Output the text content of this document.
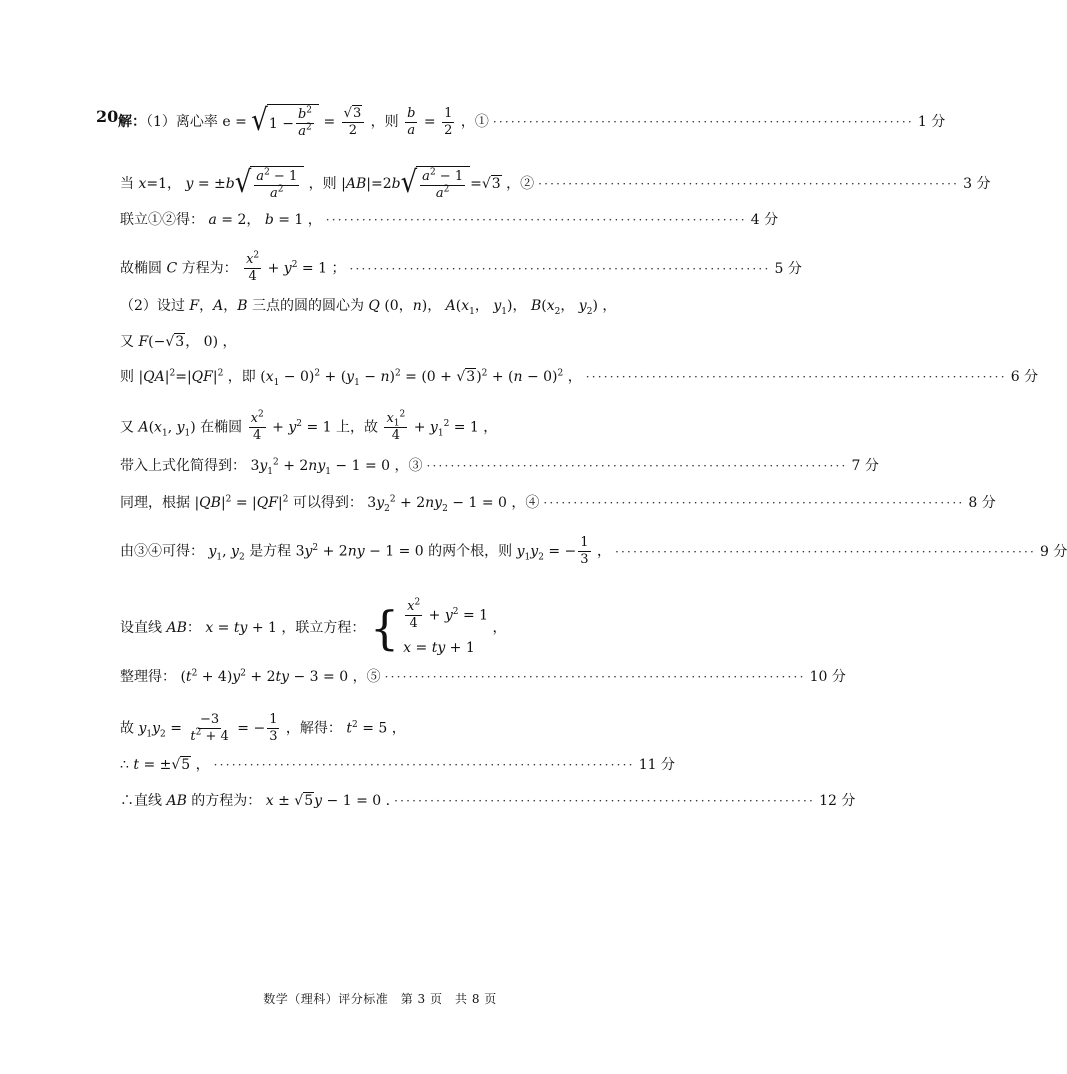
20.
解：（1）离心率 e = √ $1 - \frac{b^2}{a^2} = \frac{√3}{2}$ ，则 $\frac{b}{a} = \frac{1}{2}$ ，① ······································································ 1 分
当 x=1， y = ±b √ $\frac{a^2 - 1}{a^2}$ ，则 |AB|=2b √ $\frac{a^2 - 1}{a^2} =√3$ ，② ······································································ 3 分
联立①②得： a = 2， b = 1 ， ······································································ 4 分
故椭圆 C 方程为： $\frac{x^2}{4} + y^2 = 1$ ； ······································································ 5 分
（2）设过 F，A，B 三点的圆的圆心为 Q (0，n)， $A(x_1$， $y_1$)， $B(x_2$， $y_2$) ，
又 F(−√3， 0) ，
则 $|QA|^2=|QF|^2$ ，即 $(x_1 - 0)^2 + (y_1 - n)^2 = (0 + √3)^2 + (n - 0)^2$ ， ······································································ 6 分
又 $A(x_1$, $y_1$) 在椭圆 $\frac{x^2}{4} + y^2 = 1$ 上，故 $\frac{x_1^2}{4} + y_1^2 = 1$ ，
带入上式化简得到： $3y_1^2 + 2ny_1 - 1 = 0$ ，③ ······································································ 7 分
同理，根据 $|QB|^2 = |QF|^2$ 可以得到： $3y_2^2 + 2ny_2 - 1 = 0$ ，④ ······································································ 8 分
由③④可得： $y_1$, $y_2$ 是方程 $3y^2 + 2ny - 1 = 0$ 的两个根，则 $y_1y_2$ = − $\frac{1}{3}$ ， ······································································ 9 分
设直线 AB： x = ty + 1 ，联立方程： { $\frac{x^2}{4} + y^2 = 1$
x = ty + 1
，
整理得： $(t^2 + 4)y^2 + 2ty - 3 = 0$ ，⑤ ······································································ 10 分
故 $y_1y_2 = \frac{-3}{t^2 + 4}$ = − $\frac{1}{3}$ ，解得： $t^2 = 5$ ，
∴ t = ±√5 ， ······································································ 11 分
∴直线 AB 的方程为： x ± √5y − 1 = 0 . ······································································ 12 分
数学（理科）评分标准　第 3 页　共 8 页
